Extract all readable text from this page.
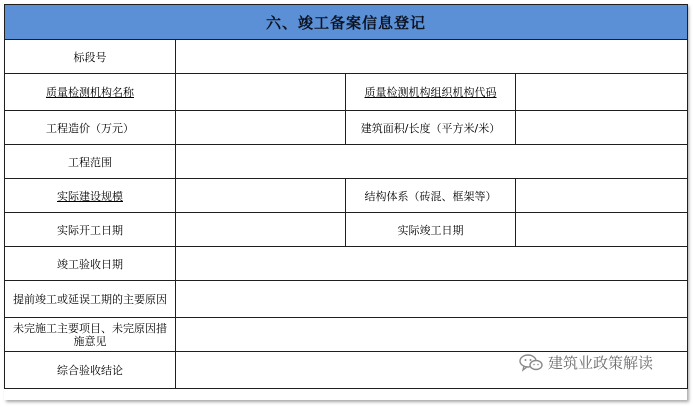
六、竣工备案信息登记			
标段号			
质量检测机构名称		质量检测机构组织机构代码	
工程造价（万元）		建筑面积/长度（平方米/米）	
工程范围			
实际建设规模		结构体系（砖混、框架等）	
实际开工日期		实际竣工日期	
竣工验收日期			
提前竣工或延误工期的主要原因			
未完施工主要项目、未完原因措施意见			
综合验收结论				建筑业政策解读
